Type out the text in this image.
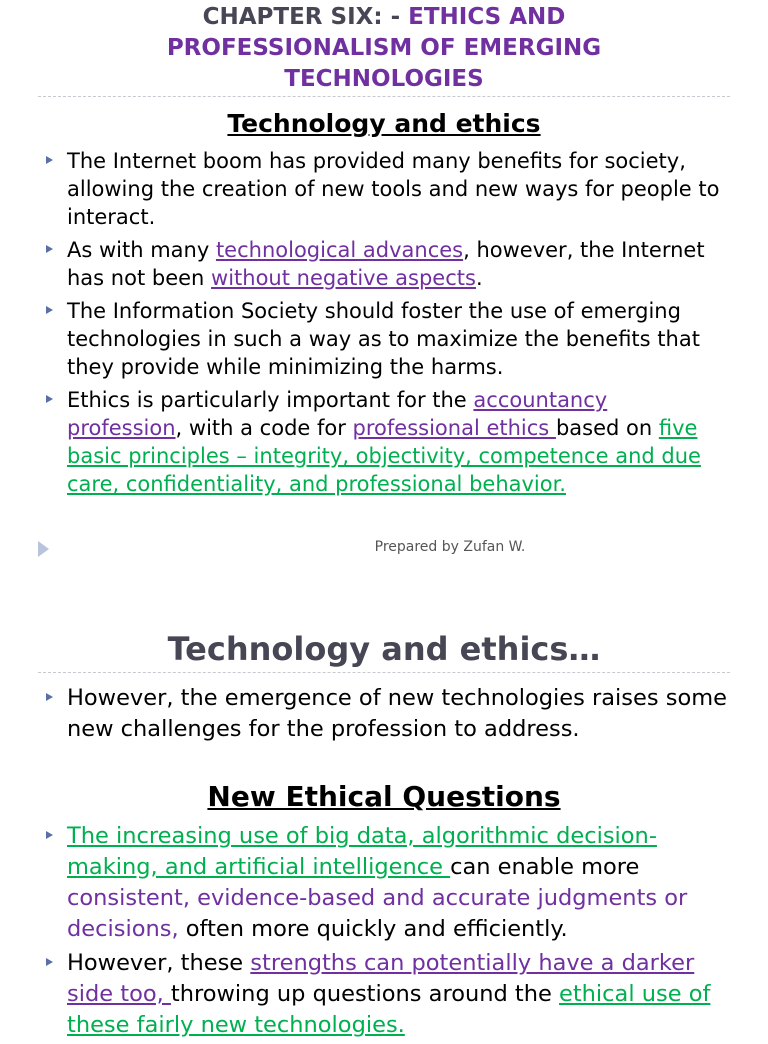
CHAPTER SIX: - ETHICS AND
PROFESSIONALISM OF EMERGING
TECHNOLOGIES
Technology and ethics
The Internet boom has provided many benefits for society, allowing the creation of new tools and new ways for people to interact.
As with many technological advances, however, the Internet has not been without negative aspects.
The Information Society should foster the use of emerging technologies in such a way as to maximize the benefits that they provide while minimizing the harms.
Ethics is particularly important for the accountancy profession, with a code for professional ethics based on five basic principles – integrity, objectivity, competence and due care, confidentiality, and professional behavior.
Prepared by Zufan W.
Technology and ethics…
However, the emergence of new technologies raises some new challenges for the profession to address.
New Ethical Questions
The increasing use of big data, algorithmic decision-making, and artificial intelligence can enable more consistent, evidence-based and accurate judgments or decisions, often more quickly and efficiently.
However, these strengths can potentially have a darker side too, throwing up questions around the ethical use of these fairly new technologies.
